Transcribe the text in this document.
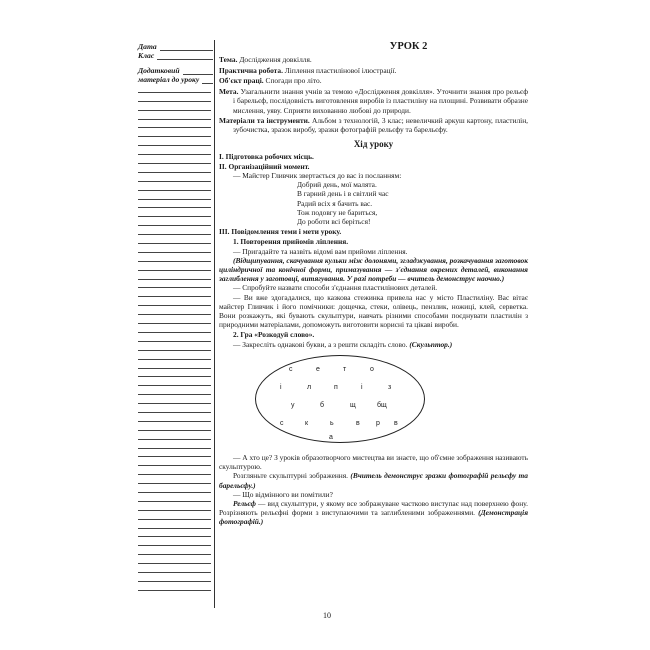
Дата
Клас
Додатковий
матеріал до уроку
УРОК 2
Тема. Дослідження довкілля.
Практична робота. Ліплення пластилінової ілюстрації.
Об'єкт праці. Спогади про літо.
Мета. Узагальнити знання учнів за темою «Дослідження довкілля». Уточнити знання про рельєф і барельєф, послідовність виготовлення виробів із пластиліну на площині. Розвивати образне мислення, уяву. Сприяти вихованню любові до природи.
Матеріали та інструменти. Альбом з технологій, 3 клас; невеличкий аркуш картону, пластилін, зубочистка, зразок виробу, зразки фотографій рельєфу та барельєфу.
Хід уроку
I. Підготовка робочих місць.
II. Організаційний момент.
— Майстер Гливчик звертається до вас із посланням:
Добрий день, мої малята.
В гарний день і в світлий час
Радий всіх я бачить вас.
Тож подовгу не бариться,
До роботи всі беріться!
III. Повідомлення теми і мети уроку.
1. Повторення прийомів ліплення.
— Пригадайте та назвіть відомі вам прийоми ліплення.
(Відщипування, скачування кульки між долонями, згладжування, розкачування заготовок циліндричної та конічної форми, примазування — з'єднання окремих деталей, виконання заглиблення у заготовці, витягування. У разі потреби — вчитель демонструє наочно.)
— Спробуйте назвати способи з'єднання пластилінових деталей.
— Ви вже здогадалися, що казкова стежинка привела нас у місто Пластиліну. Вас вітає майстер Гливчик і його помічники: дощечка, стеки, олівець, пензлик, ножиці, клей, серветка. Вони розкажуть, які бувають скульптури, навчать різними способами поєднувати пластилін з природними матеріалами, допоможуть виготовити корисні та цікаві вироби.
2. Гра «Розкодуй слово».
— Закресліть однакові букви, а з решти складіть слово. (Скульптор.)
с	е	т	о
і	л	п	і	з
у	б	щ	бщ
с	к	ь	в р в
а
— А хто це? З уроків образотворчого мистецтва ви знаєте, що об'ємне зображення називають скульптурою.
Розгляньте скульптурні зображення. (Вчитель демонструє зразки фотографій рельєфу та барельєфу.)
— Що відмінного ви помітили?
Рельєф — вид скульптури, у якому все зображуване частково виступає над поверхнею фону. Розрізняють рельєфні форми з виступаючими та заглибленими зображеннями. (Демонстрація фотографій.)
10
